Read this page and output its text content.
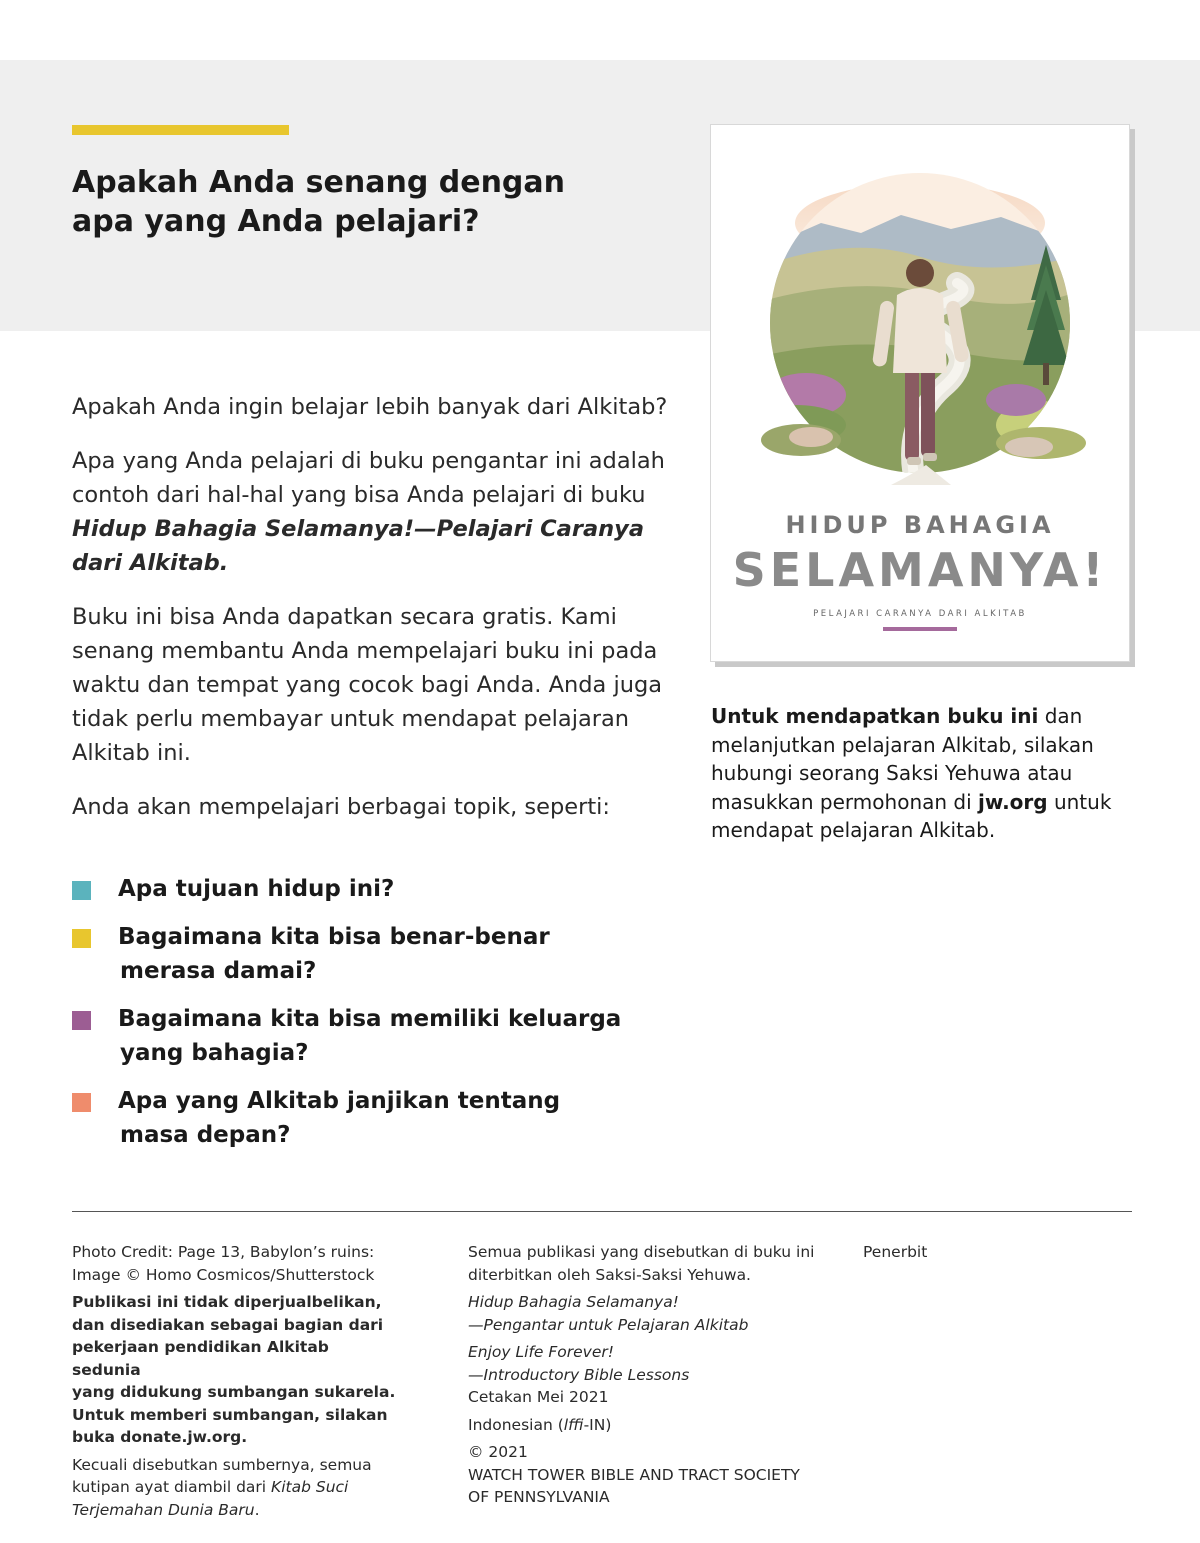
Apakah Anda senang dengan
apa yang Anda pelajari?

Apakah Anda ingin belajar lebih banyak dari Alkitab?

Apa yang Anda pelajari di buku pengantar ini adalah
contoh dari hal-hal yang bisa Anda pelajari di buku
Hidup Bahagia Selamanya!—Pelajari Caranya
dari Alkitab.

Buku ini bisa Anda dapatkan secara gratis. Kami
senang membantu Anda mempelajari buku ini pada
waktu dan tempat yang cocok bagi Anda. Anda juga
tidak perlu membayar untuk mendapat pelajaran
Alkitab ini.

Anda akan mempelajari berbagai topik, seperti:

Apa tujuan hidup ini?
Bagaimana kita bisa benar-benar
merasa damai?
Bagaimana kita bisa memiliki keluarga
yang bahagia?
Apa yang Alkitab janjikan tentang
masa depan?
HIDUP BAHAGIA
SELAMANYA!
PELAJARI CARANYA DARI ALKITAB

Untuk mendapatkan buku ini dan
melanjutkan pelajaran Alkitab, silakan
hubungi seorang Saksi Yehuwa atau
masukkan permohonan di jw.org untuk
mendapat pelajaran Alkitab.

Photo Credit: Page 13, Babylon’s ruins:
Image © Homo Cosmicos/Shutterstock

Publikasi ini tidak diperjualbelikan,
dan disediakan sebagai bagian dari
pekerjaan pendidikan Alkitab sedunia
yang didukung sumbangan sukarela.
Untuk memberi sumbangan, silakan
buka donate.jw.org.

Kecuali disebutkan sumbernya, semua
kutipan ayat diambil dari Kitab Suci
Terjemahan Dunia Baru.

Semua publikasi yang disebutkan di buku ini
diterbitkan oleh Saksi-Saksi Yehuwa.

Hidup Bahagia Selamanya!
—Pengantar untuk Pelajaran Alkitab

Enjoy Life Forever!
—Introductory Bible Lessons
Cetakan Mei 2021

Indonesian (lffi-IN)

© 2021
WATCH TOWER BIBLE AND TRACT SOCIETY
OF PENNSYLVANIA

Penerbit
